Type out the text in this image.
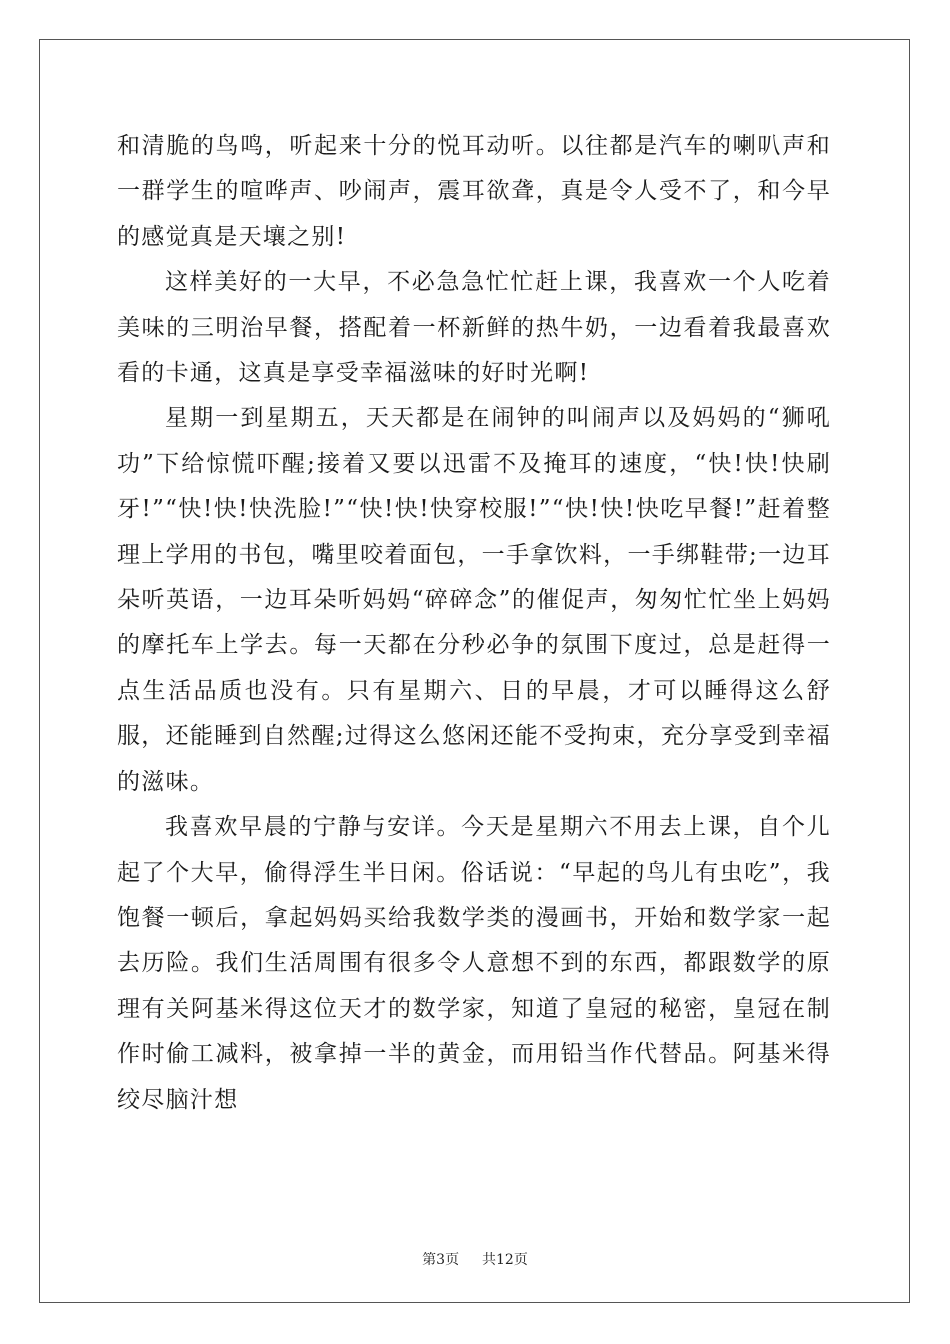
和清脆的鸟鸣，听起来十分的悦耳动听。以往都是汽车的喇叭声和一群学生的喧哗声、吵闹声，震耳欲聋，真是令人受不了，和今早的感觉真是天壤之别!

这样美好的一大早，不必急急忙忙赶上课，我喜欢一个人吃着美味的三明治早餐，搭配着一杯新鲜的热牛奶，一边看着我最喜欢看的卡通，这真是享受幸福滋味的好时光啊!

星期一到星期五，天天都是在闹钟的叫闹声以及妈妈的“狮吼功”下给惊慌吓醒;接着又要以迅雷不及掩耳的速度，“快!快!快刷牙!”“快!快!快洗脸!”“快!快!快穿校服!”“快!快!快吃早餐!”赶着整理上学用的书包，嘴里咬着面包，一手拿饮料，一手绑鞋带;一边耳朵听英语，一边耳朵听妈妈“碎碎念”的催促声，匆匆忙忙坐上妈妈的摩托车上学去。每一天都在分秒必争的氛围下度过，总是赶得一点生活品质也没有。只有星期六、日的早晨，才可以睡得这么舒服，还能睡到自然醒;过得这么悠闲还能不受拘束，充分享受到幸福的滋味。

我喜欢早晨的宁静与安详。今天是星期六不用去上课，自个儿起了个大早，偷得浮生半日闲。俗话说：“早起的鸟儿有虫吃”，我饱餐一顿后，拿起妈妈买给我数学类的漫画书，开始和数学家一起去历险。我们生活周围有很多令人意想不到的东西，都跟数学的原理有关阿基米得这位天才的数学家，知道了皇冠的秘密，皇冠在制作时偷工减料，被拿掉一半的黄金，而用铅当作代替品。阿基米得绞尽脑汁想

第3页 共12页
